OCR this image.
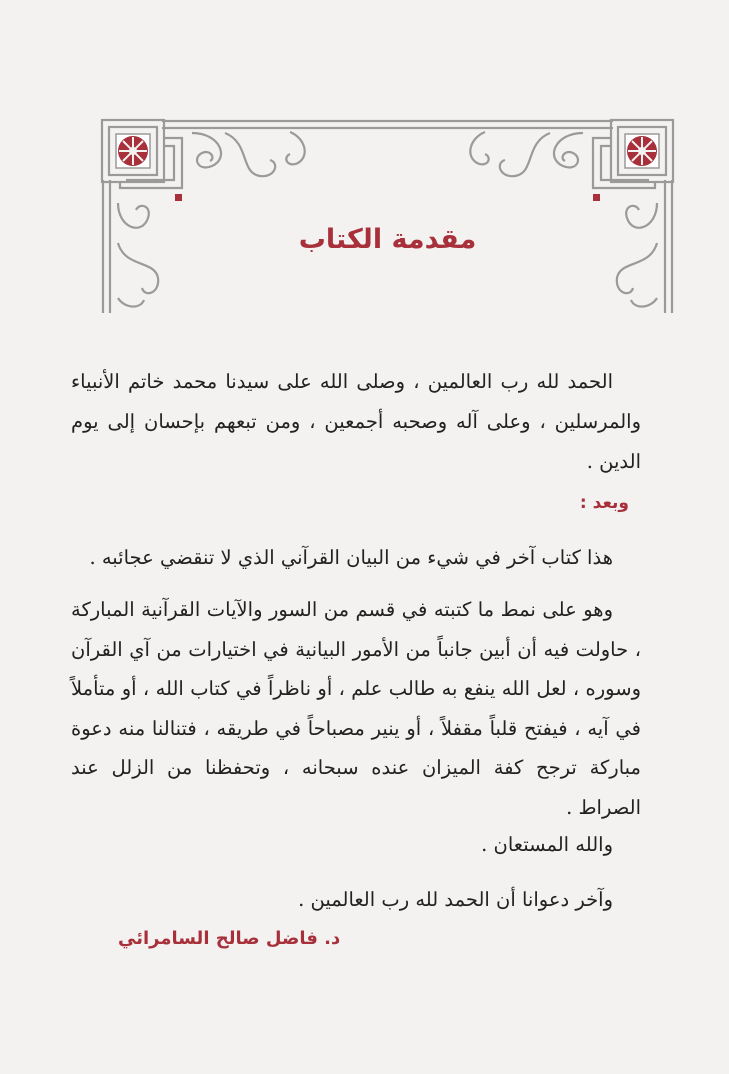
مقدمة الكتاب

الحمد لله رب العالمين ، وصلى الله على سيدنا محمد خاتم الأنبياء والمرسلين ، وعلى آله وصحبه أجمعين ، ومن تبعهم بإحسان إلى يوم الدين .

وبعد :

هذا كتاب آخر في شيء من البيان القرآني الذي لا تنقضي عجائبه .

وهو على نمط ما كتبته في قسم من السور والآيات القرآنية المباركة ، حاولت فيه أن أبين جانباً من الأمور البيانية في اختيارات من آي القرآن وسوره ، لعل الله ينفع به طالب علم ، أو ناظراً في كتاب الله ، أو متأملاً في آيه ، فيفتح قلباً مقفلاً ، أو ينير مصباحاً في طريقه ، فتنالنا منه دعوة مباركة ترجح كفة الميزان عنده سبحانه ، وتحفظنا من الزلل عند الصراط .

والله المستعان .

وآخر دعوانا أن الحمد لله رب العالمين .

د. فاضل صالح السامرائي
